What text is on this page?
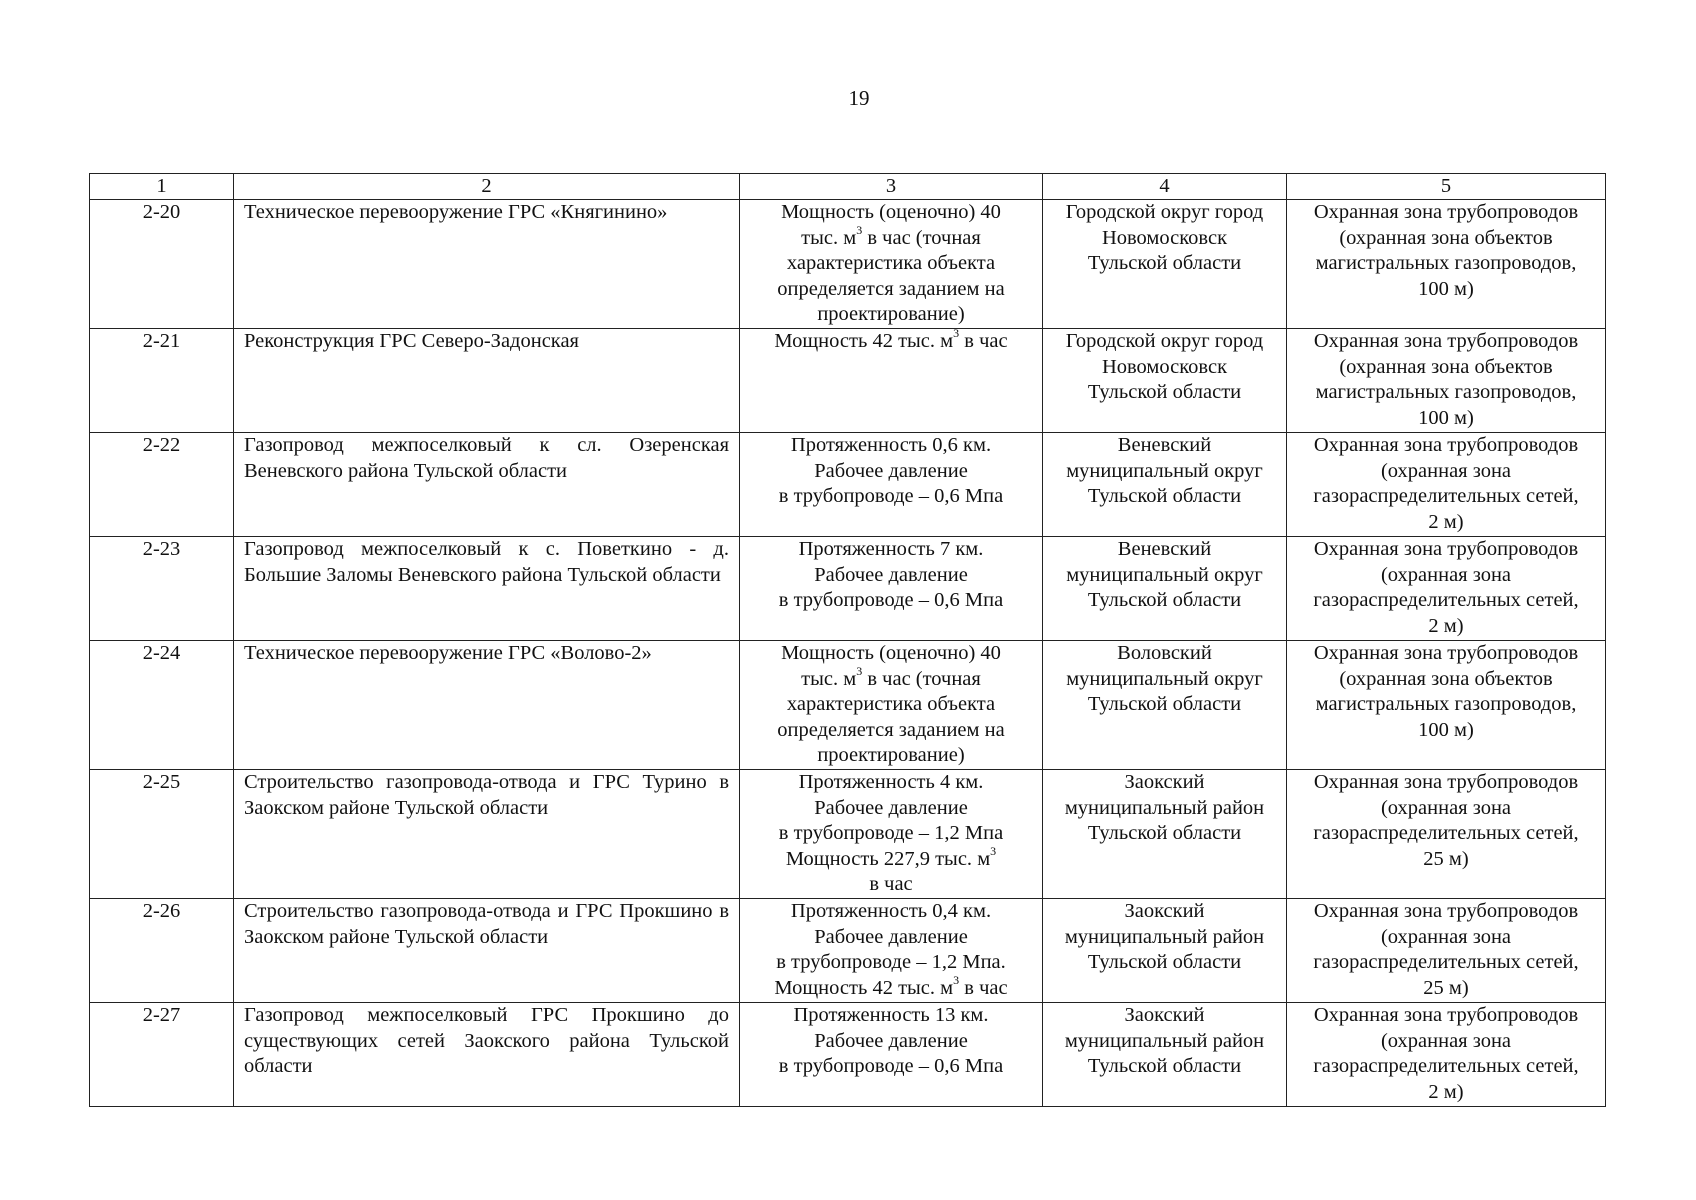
19
1	2	3	4	5
2-20	Техническое перевооружение ГРС «Княгинино»	Мощность (оценочно) 40
тыс. $м^3$ в час (точная
характеристика объекта
определяется заданием на
проектирование)	Городской округ город
Новомосковск
Тульской области	Охранная зона трубопроводов
(охранная зона объектов
магистральных газопроводов,
100 м)

2-21	Реконструкция ГРС Северо-Задонская	Мощность 42 тыс. $м^3$ в час	Городской округ город
Новомосковск
Тульской области	Охранная зона трубопроводов
(охранная зона объектов
магистральных газопроводов,
100 м)

2-22	Газопровод межпоселковый к сл. Озеренская Веневского района Тульской области	Протяженность 0,6 км.
Рабочее давление
в трубопроводе – 0,6 Мпа	Веневский
муниципальный округ
Тульской области	Охранная зона трубопроводов
(охранная зона
газораспределительных сетей,
2 м)

2-23	Газопровод межпоселковый к с. Поветкино - д. Большие Заломы Веневского района Тульской области	Протяженность 7 км.
Рабочее давление
в трубопроводе – 0,6 Мпа	Веневский
муниципальный округ
Тульской области	Охранная зона трубопроводов
(охранная зона
газораспределительных сетей,
2 м)

2-24	Техническое перевооружение ГРС «Волово-2»	Мощность (оценочно) 40
тыс. $м^3$ в час (точная
характеристика объекта
определяется заданием на
проектирование)	Воловский
муниципальный округ
Тульской области	Охранная зона трубопроводов
(охранная зона объектов
магистральных газопроводов,
100 м)

2-25	Строительство газопровода-отвода и ГРС Турино в Заокском районе Тульской области	Протяженность 4 км.
Рабочее давление
в трубопроводе – 1,2 Мпа
Мощность 227,9 тыс. $м^3$
в час	Заокский
муниципальный район
Тульской области	Охранная зона трубопроводов
(охранная зона
газораспределительных сетей,
25 м)

2-26	Строительство газопровода-отвода и ГРС Прокшино в Заокском районе Тульской области	Протяженность 0,4 км.
Рабочее давление
в трубопроводе – 1,2 Мпа.
Мощность 42 тыс. $м^3$ в час	Заокский
муниципальный район
Тульской области	Охранная зона трубопроводов
(охранная зона
газораспределительных сетей,
25 м)

2-27	Газопровод межпоселковый ГРС Прокшино до существующих сетей Заокского района Тульской области	Протяженность 13 км.
Рабочее давление
в трубопроводе – 0,6 Мпа	Заокский
муниципальный район
Тульской области	Охранная зона трубопроводов
(охранная зона
газораспределительных сетей,
2 м)
